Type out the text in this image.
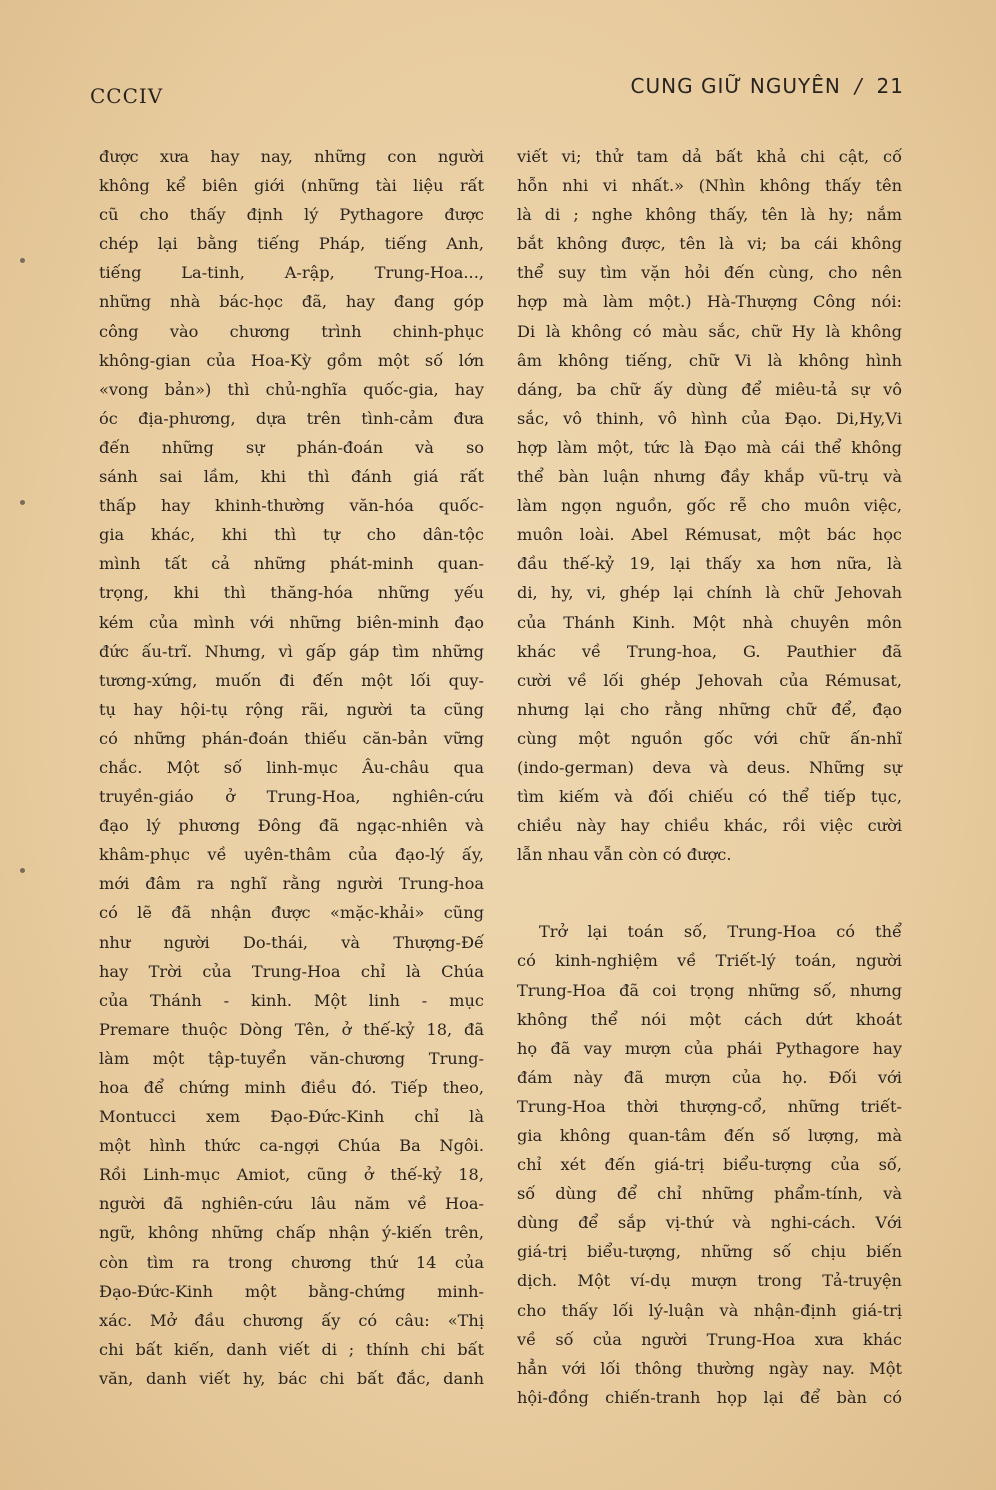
CCCIV	CUNG GIỮ NGUYÊN / 21

được xưa hay nay, những con người

không kể biên giới (những tài liệu rất

cũ cho thấy định lý Pythagore được

chép lại bằng tiếng Pháp, tiếng Anh,

tiếng La-tinh, A-rập, Trung-Hoa...,

những nhà bác-học đã, hay đang góp

công vào chương trình chinh-phục

không-gian của Hoa-Kỳ gồm một số lớn

«vong bản») thì chủ-nghĩa quốc-gia, hay

óc địa-phương, dựa trên tình-cảm đưa

đến những sự phán-đoán và so

sánh sai lầm, khi thì đánh giá rất

thấp hay khinh-thường văn-hóa quốc-

gia khác, khi thì tự cho dân-tộc

mình tất cả những phát-minh quan-

trọng, khi thì thăng-hóa những yếu

kém của mình với những biên-minh đạo

đức ấu-trĩ. Nhưng, vì gấp gáp tìm những

tương-xứng, muốn đi đến một lối quy-

tụ hay hội-tụ rộng rãi, người ta cũng

có những phán-đoán thiếu căn-bản vững

chắc. Một số linh-mục Âu-châu qua

truyền-giáo ở Trung-Hoa, nghiên-cứu

đạo lý phương Đông đã ngạc-nhiên và

khâm-phục về uyên-thâm của đạo-lý ấy,

mới đâm ra nghĩ rằng người Trung-hoa

có lẽ đã nhận được «mặc-khải» cũng

như người Do-thái, và Thượng-Đế

hay Trời của Trung-Hoa chỉ là Chúa

của Thánh - kinh. Một linh - mục

Premare thuộc Dòng Tên, ở thế-kỷ 18, đã

làm một tập-tuyển văn-chương Trung-

hoa để chứng minh điều đó. Tiếp theo,

Montucci xem Đạo-Đức-Kinh chỉ là

một hình thức ca-ngợi Chúa Ba Ngôi.

Rồi Linh-mục Amiot, cũng ở thế-kỷ 18,

người đã nghiên-cứu lâu năm về Hoa-

ngữ, không những chấp nhận ý-kiến trên,

còn tìm ra trong chương thứ 14 của

Đạo-Đức-Kinh một bằng-chứng minh-

xác. Mở đầu chương ấy có câu: «Thị

chi bất kiến, danh viết di ; thính chi bất

văn, danh viết hy, bác chi bất đắc, danh

viết vi; thử tam dả bất khả chi cật, cố

hỗn nhi vi nhất.» (Nhìn không thấy tên

là di ; nghe không thấy, tên là hy; nắm

bắt không được, tên là vi; ba cái không

thể suy tìm vặn hỏi đến cùng, cho nên

hợp mà làm một.) Hà-Thượng Công nói:

Di là không có màu sắc, chữ Hy là không

âm không tiếng, chữ Vi là không hình

dáng, ba chữ ấy dùng để miêu-tả sự vô

sắc, vô thinh, vô hình của Đạo. Di,Hy,Vi

hợp làm một, tức là Đạo mà cái thể không

thể bàn luận nhưng đầy khắp vũ-trụ và

làm ngọn nguồn, gốc rễ cho muôn việc,

muôn loài. Abel Rémusat, một bác học

đầu thế-kỷ 19, lại thấy xa hơn nữa, là

di, hy, vi, ghép lại chính là chữ Jehovah

của Thánh Kinh. Một nhà chuyên môn

khác về Trung-hoa, G. Pauthier đã

cười về lối ghép Jehovah của Rémusat,

nhưng lại cho rằng những chữ để, đạo

cùng một nguồn gốc với chữ ấn-nhĩ

(indo-german) deva và deus. Những sự

tìm kiếm và đối chiếu có thể tiếp tục,

chiều này hay chiều khác, rồi việc cười

lẫn nhau vẫn còn có được.

Trở lại toán số, Trung-Hoa có thể

có kinh-nghiệm về Triết-lý toán, người

Trung-Hoa đã coi trọng những số, nhưng

không thể nói một cách dứt khoát

họ đã vay mượn của phái Pythagore hay

đám này đã mượn của họ. Đối với

Trung-Hoa thời thượng-cổ, những triết-

gia không quan-tâm đến số lượng, mà

chỉ xét đến giá-trị biểu-tượng của số,

số dùng để chỉ những phẩm-tính, và

dùng để sắp vị-thứ và nghi-cách. Với

giá-trị biểu-tượng, những số chịu biến

dịch. Một ví-dụ mượn trong Tả-truyện

cho thấy lối lý-luận và nhận-định giá-trị

về số của người Trung-Hoa xưa khác

hẳn với lối thông thường ngày nay. Một

hội-đồng chiến-tranh họp lại để bàn có
